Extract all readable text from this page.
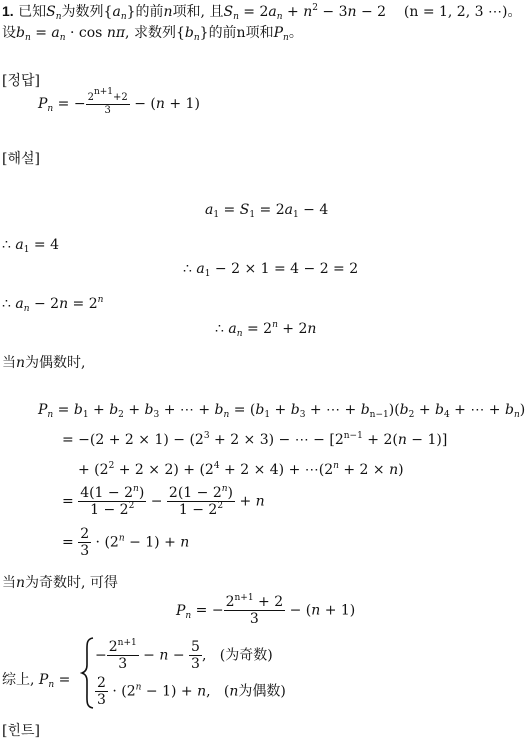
1. 已知$S_n$为数列$\{a_n\}$的前n项和, 且$S_n = 2a_n + n^2 - 3n - 2$    (n = 1, 2, 3 ⋯)。
设$b_n = a_n \cdot \cos n\pi$, 求数列$\{b_n\}$的前n项和$P_n$。
[정답]
$P_n$ = − $\frac{2^{n+1}+2}{3} - (n + 1)$
[해설]
$a_1 = S_1 = 2a_1 - 4$
∴ $a_1 = 4$
∴ $a_1 - 2 \times 1 = 4 - 2 = 2$
∴ $a_n - 2n = 2^n$
∴ $a_n = 2^n + 2n$
当n为偶数时,
$P_n = b_1 + b_2 + b_3$ + ⋯ + $b_n = (b_1 + b_3$ + ⋯ + $b_{n-1})(b_2 + b_4$ + ⋯ + $b_n$)
= $-(2 + 2 \times 1) - (2^3 + 2 \times 3)$ − ⋯ − $[2^{n-1} + 2(n - 1)]$
+ $(2^2 + 2 \times 2) + (2^4 + 2 \times 4)$ + $\cdots(2^n + 2 \times n)$
= $\frac{4(1 - 2^n)}{1 - 2^2} - \frac{2(1 - 2^n)}{1 - 2^2} + n$
= $\frac{2}{3} \cdot (2^n - 1) + n$
当n为奇数时, 可得
$P_n$ = − $\frac{2^{n+1} + 2}{3} - (n + 1)$
综上, $P_n$ =
− $\frac{2^{n+1}}{3} - n - \frac{5}{3}$ ,   (为奇数)
$\frac{2}{3} \cdot (2^n - 1) + n$,   (n为偶数)
[힌트]
